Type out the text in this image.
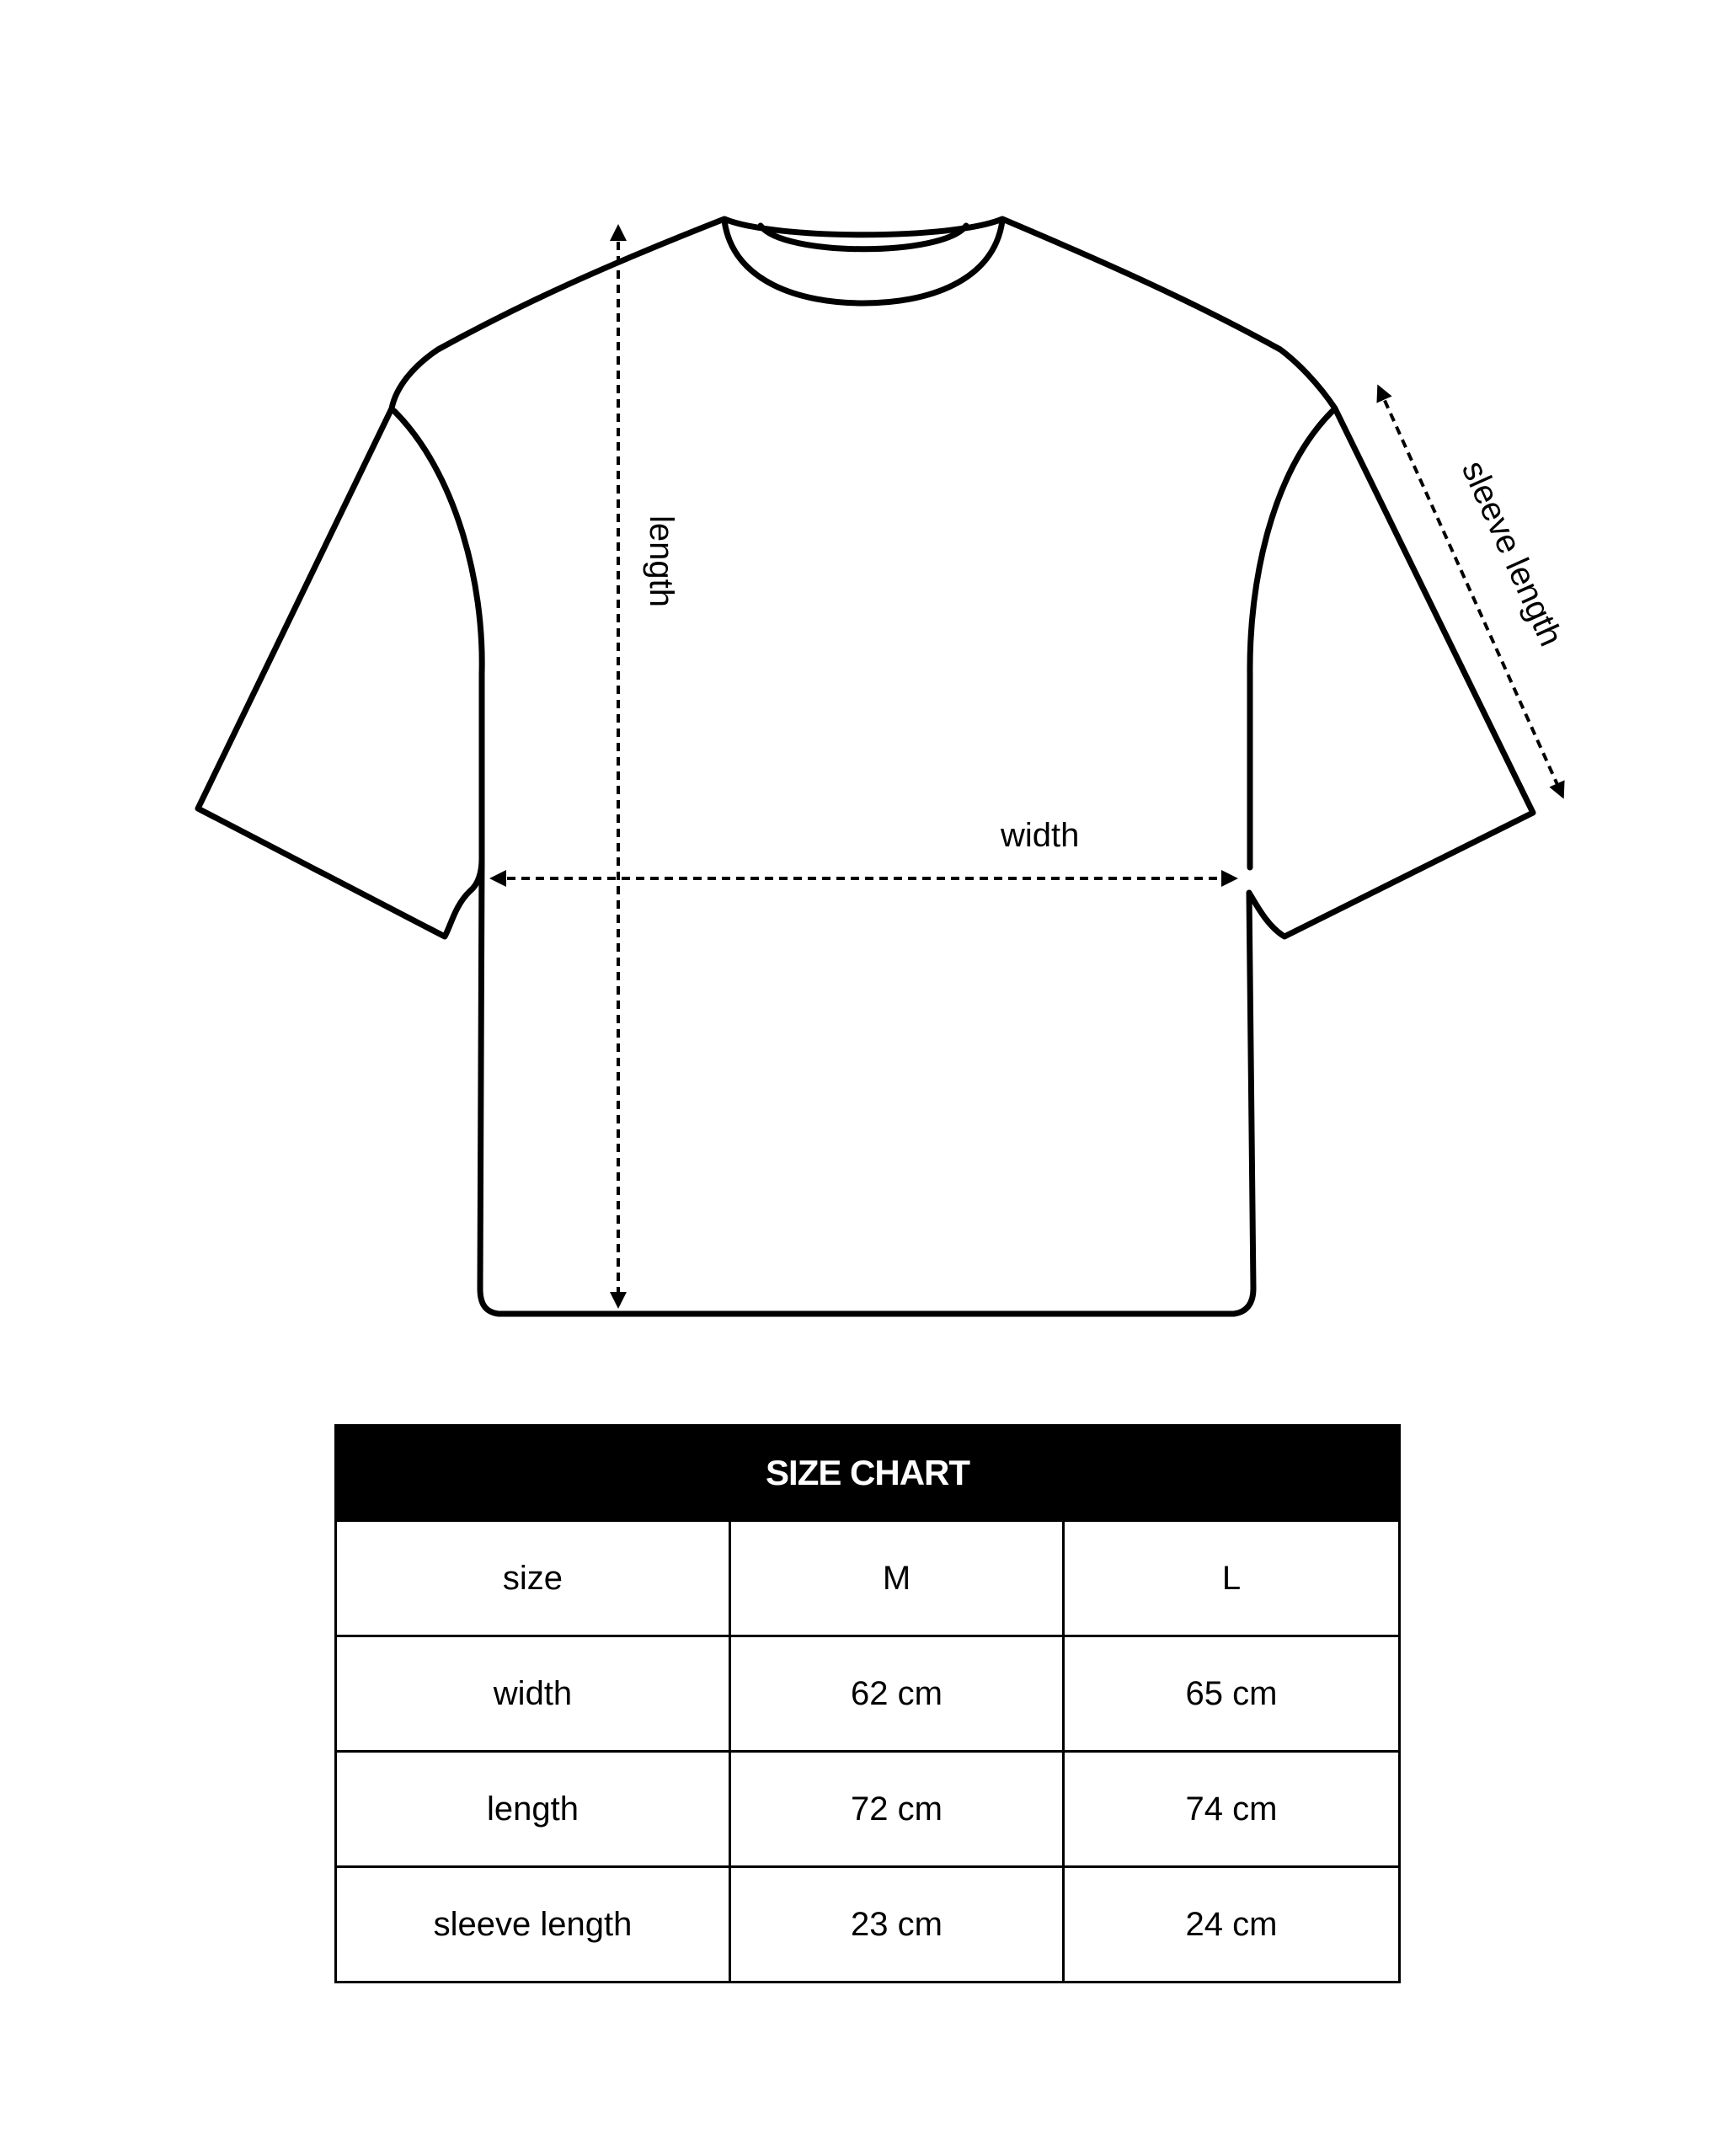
length
width
sleeve length
SIZE CHART		
size	M	L
width	62 cm	65 cm
length	72 cm	74 cm
sleeve length	23 cm	24 cm
